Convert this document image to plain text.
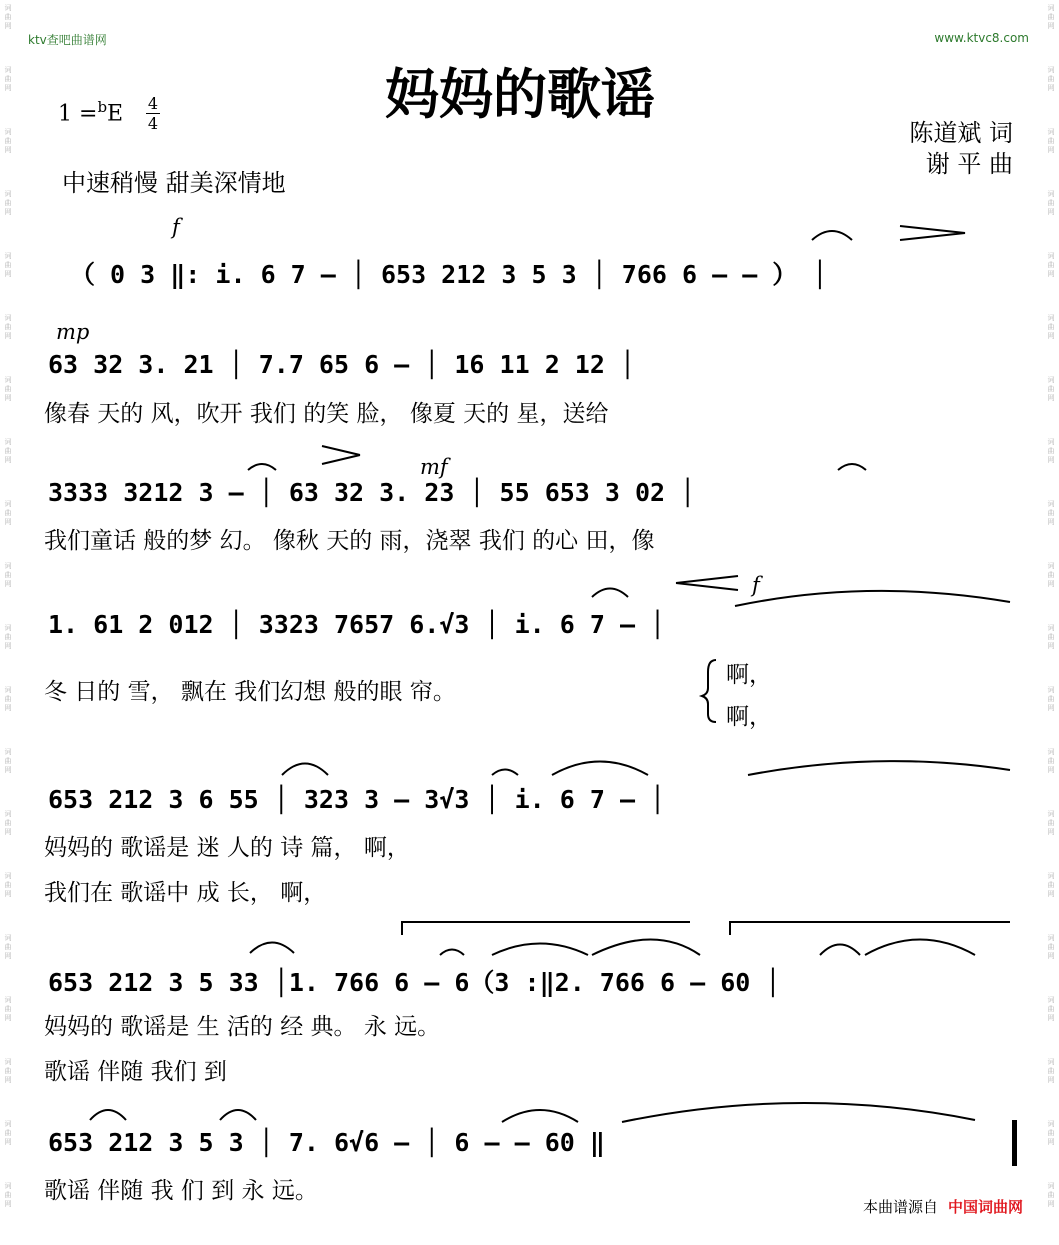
词
曲
网
词
曲
网
词
曲
网
词
曲
网
词
曲
网
词
曲
网
词
曲
网
词
曲
网
词
曲
网
词
曲
网
词
曲
网
词
曲
网
词
曲
网
词
曲
网
词
曲
网
词
曲
网
词
曲
网
词
曲
网
词
曲
网
词
曲
网
词
曲
网
词
曲
网
词
曲
网
词
曲
网
词
曲
网
词
曲
网
词
曲
网
词
曲
网
词
曲
网
词
曲
网
词
曲
网
词
曲
网
词
曲
网
词
曲
网
词
曲
网
词
曲
网
词
曲
网
词
曲
网
词
曲
网
词
曲
网
ktv查吧曲谱网	www.ktvc8.com
妈妈的歌谣
1 =$^b$E 4
4
中速稍慢 甜美深情地
陈道斌 词
谢 平 曲
f
mp
mf
f
（ 0 3 ‖: i. 6 7 – │ 653 212 3 5 3 │ 766 6 – – ） │
63 32 3. 21 │ 7.7 65 6 – │ 16 11 2 12 │
像春 天的 风，吹开 我们 的笑 脸， 像夏 天的 星，送给
3333 3212 3 – │ 63 32 3. 23 │ 55 653 3 02 │
我们童话 般的梦 幻。 像秋 天的 雨，浇翠 我们 的心 田，像
1. 61 2 012 │ 3323 7657 6.√3 │ i. 6 7 – │
冬 日的 雪， 飘在 我们幻想 般的眼 帘。
啊，
啊，
653 212 3 6 55 │ 323 3 – 3√3 │ i. 6 7 – │
妈妈的 歌谣是 迷 人的 诗 篇， 啊，
我们在 歌谣中 成 长， 啊，
653 212 3 5 33 │1. 766 6 – 6（3 :‖2. 766 6 – 60 │
妈妈的 歌谣是 生 活的 经 典。 永 远。
歌谣 伴随 我们 到
653 212 3 5 3 │ 7. 6√6 – │ 6 – – 60 ‖
歌谣 伴随 我 们 到 永 远。
本曲谱源自 中国词曲网
